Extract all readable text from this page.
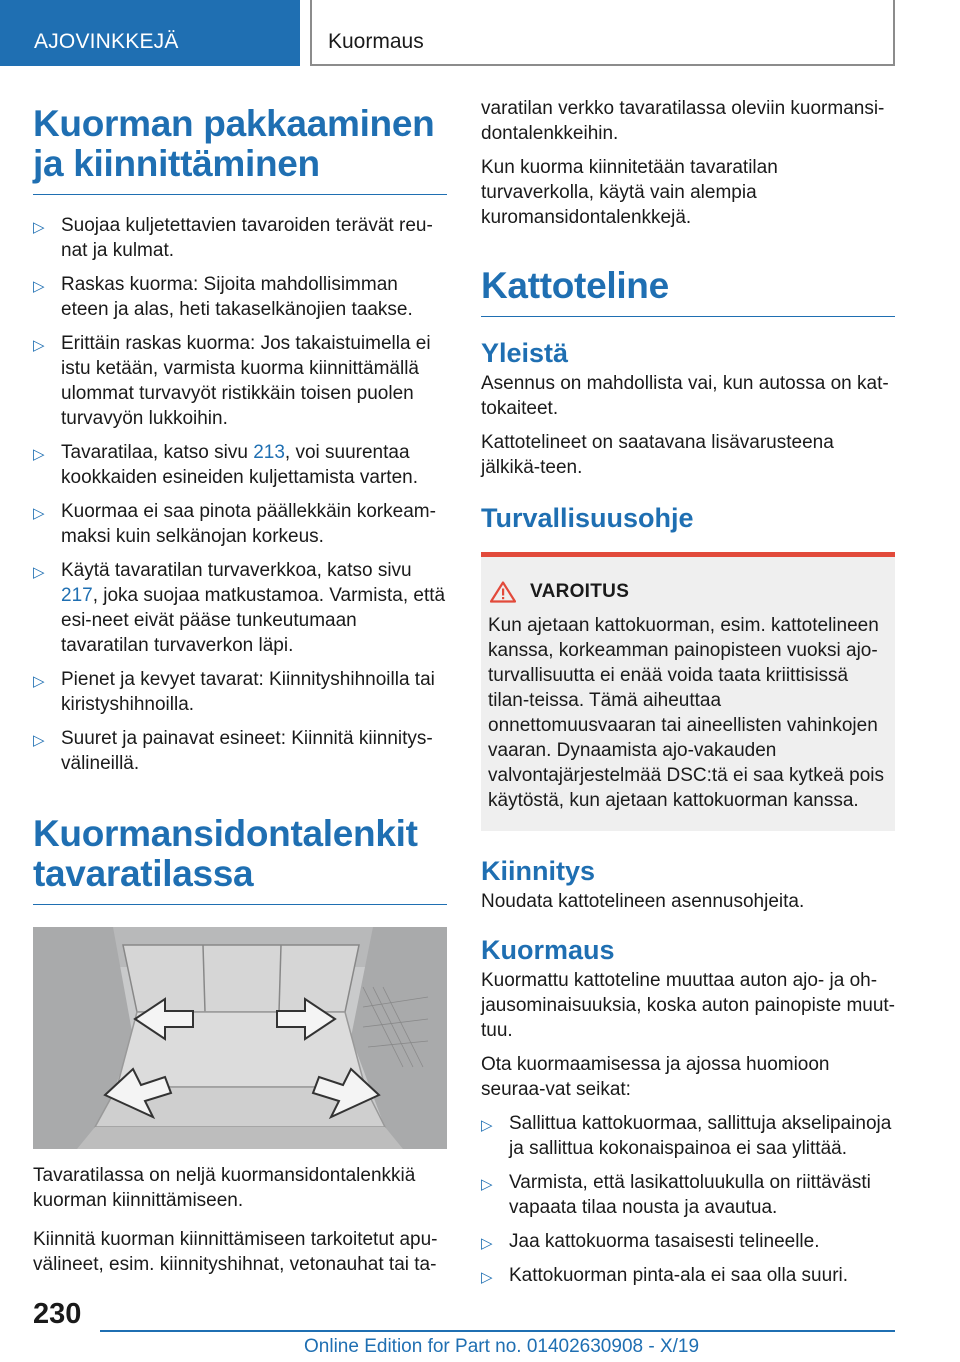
AJOVINKKEJÄ	Kuormaus
Kuorman pakkaaminen ja kiinnittäminen
▷ Suojaa kuljetettavien tavaroiden terävät reu‐nat ja kulmat.
▷ Raskas kuorma: Sijoita mahdollisimman eteen ja alas, heti takaselkänojien taakse.
▷ Erittäin raskas kuorma: Jos takaistuimella ei istu ketään, varmista kuorma kiinnittämällä ulommat turvavyöt ristikkäin toisen puolen turvavyön lukkoihin.
▷ Tavaratilaa, katso sivu 213, voi suurentaa kookkaiden esineiden kuljettamista varten.
▷ Kuormaa ei saa pinota päällekkäin korkeam‐maksi kuin selkänojan korkeus.
▷ Käytä tavaratilan turvaverkkoa, katso sivu 217, joka suojaa matkustamoa. Varmista, että esi‐neet eivät pääse tunkeutumaan tavaratilan turvaverkon läpi.
▷ Pienet ja kevyet tavarat: Kiinnityshihnoilla tai kiristyshihnoilla.
▷ Suuret ja painavat esineet: Kiinnitä kiinnitys‐välineillä.
Kuormansidontalenkit tavaratilassa

Tavaratilassa on neljä kuormansidontalenkkiä kuorman kiinnittämiseen.

Kiinnitä kuorman kiinnittämiseen tarkoitetut apu‐välineet, esim. kiinnityshihnat, vetonauhat tai ta‐

varatilan verkko tavaratilassa oleviin kuormansi‐dontalenkkeihin.

Kun kuorma kiinnitetään tavaratilan turvaverkolla, käytä vain alempia kuromansidontalenkkejä.

Kattoteline
Yleistä

Asennus on mahdollista vai, kun autossa on kat‐tokaiteet.

Kattotelineet on saatavana lisävarusteena jälkikä‐teen.

Turvallisuusohje
VAROITUS

Kun ajetaan kattokuorman, esim. kattotelineen kanssa, korkeamman painopisteen vuoksi ajo‐turvallisuutta ei enää voida taata kriittisissä tilan‐teissa. Tämä aiheuttaa onnettomuusvaaran tai aineellisten vahinkojen vaaran. Dynaamista ajo‐vakauden valvontajärjestelmää DSC:tä ei saa kytkeä pois käytöstä, kun ajetaan kattokuorman kanssa.

Kiinnitys

Noudata kattotelineen asennusohjeita.

Kuormaus

Kuormattu kattoteline muuttaa auton ajo- ja oh‐jausominaisuuksia, koska auton painopiste muut‐tuu.

Ota kuormaamisessa ja ajossa huomioon seuraa‐vat seikat:

▷ Sallittua kattokuormaa, sallittuja akselipainoja ja sallittua kokonaispainoa ei saa ylittää.
▷ Varmista, että lasikattoluukulla on riittävästi vapaata tilaa nousta ja avautua.
▷ Jaa kattokuorma tasaisesti telineelle.
▷ Kattokuorman pinta-ala ei saa olla suuri.
230
Online Edition for Part no. 01402630908 - X/19
